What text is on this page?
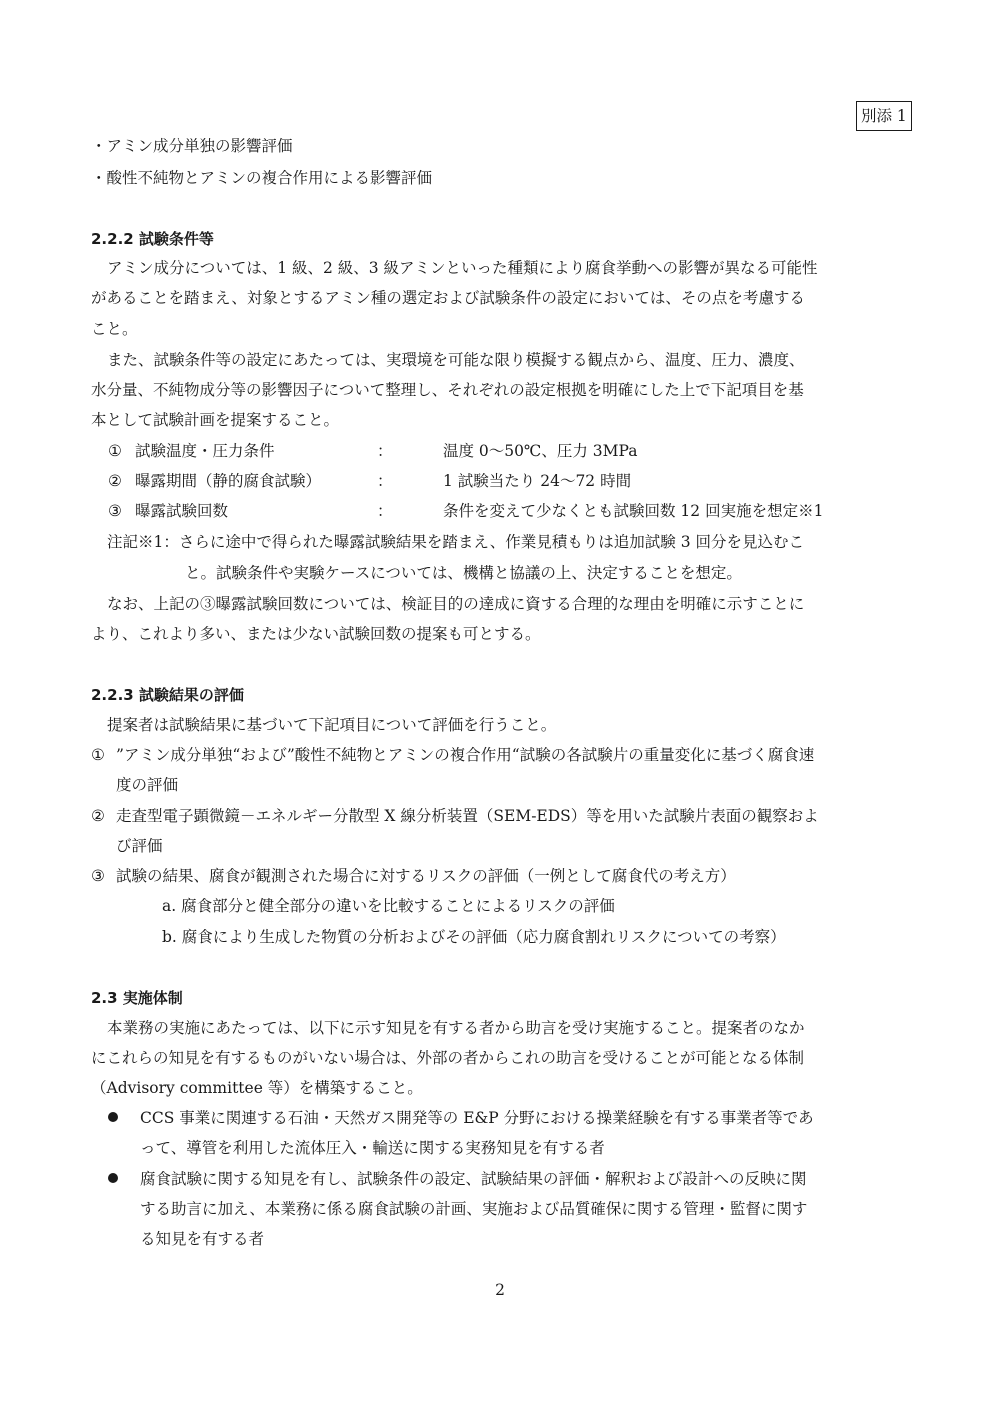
別添 1
・アミン成分単独の影響評価
・酸性不純物とアミンの複合作用による影響評価
2.2.2 試験条件等
アミン成分については、1 級、2 級、3 級アミンといった種類により腐食挙動への影響が異なる可能性
があることを踏まえ、対象とするアミン種の選定および試験条件の設定においては、その点を考慮する
こと。
また、試験条件等の設定にあたっては、実環境を可能な限り模擬する観点から、温度、圧力、濃度、
水分量、不純物成分等の影響因子について整理し、それぞれの設定根拠を明確にした上で下記項目を基
本として試験計画を提案すること。
① 試験温度・圧力条件	：	温度 0〜50℃、圧力 3MPa
② 曝露期間（静的腐食試験）	：	1 試験当たり 24〜72 時間
③ 曝露試験回数	：	条件を変えて少なくとも試験回数 12 回実施を想定※1
注記※1：さらに途中で得られた曝露試験結果を踏まえ、作業見積もりは追加試験 3 回分を見込むこ
と。試験条件や実験ケースについては、機構と協議の上、決定することを想定。
なお、上記の③曝露試験回数については、検証目的の達成に資する合理的な理由を明確に示すことに
より、これより多い、または少ない試験回数の提案も可とする。
2.2.3 試験結果の評価
提案者は試験結果に基づいて下記項目について評価を行うこと。
① ”アミン成分単独“および”酸性不純物とアミンの複合作用“試験の各試験片の重量変化に基づく腐食速
度の評価
② 走査型電子顕微鏡－エネルギー分散型 X 線分析装置（SEM-EDS）等を用いた試験片表面の観察およ
び評価
③ 試験の結果、腐食が観測された場合に対するリスクの評価（一例として腐食代の考え方）
a. 腐食部分と健全部分の違いを比較することによるリスクの評価
b. 腐食により生成した物質の分析およびその評価（応力腐食割れリスクについての考察）
2.3 実施体制
本業務の実施にあたっては、以下に示す知見を有する者から助言を受け実施すること。提案者のなか
にこれらの知見を有するものがいない場合は、外部の者からこれの助言を受けることが可能となる体制
（Advisory committee 等）を構築すること。
CCS 事業に関連する石油・天然ガス開発等の E&P 分野における操業経験を有する事業者等であ
って、導管を利用した流体圧入・輸送に関する実務知見を有する者
腐食試験に関する知見を有し、試験条件の設定、試験結果の評価・解釈および設計への反映に関
する助言に加え、本業務に係る腐食試験の計画、実施および品質確保に関する管理・監督に関す
る知見を有する者
2
